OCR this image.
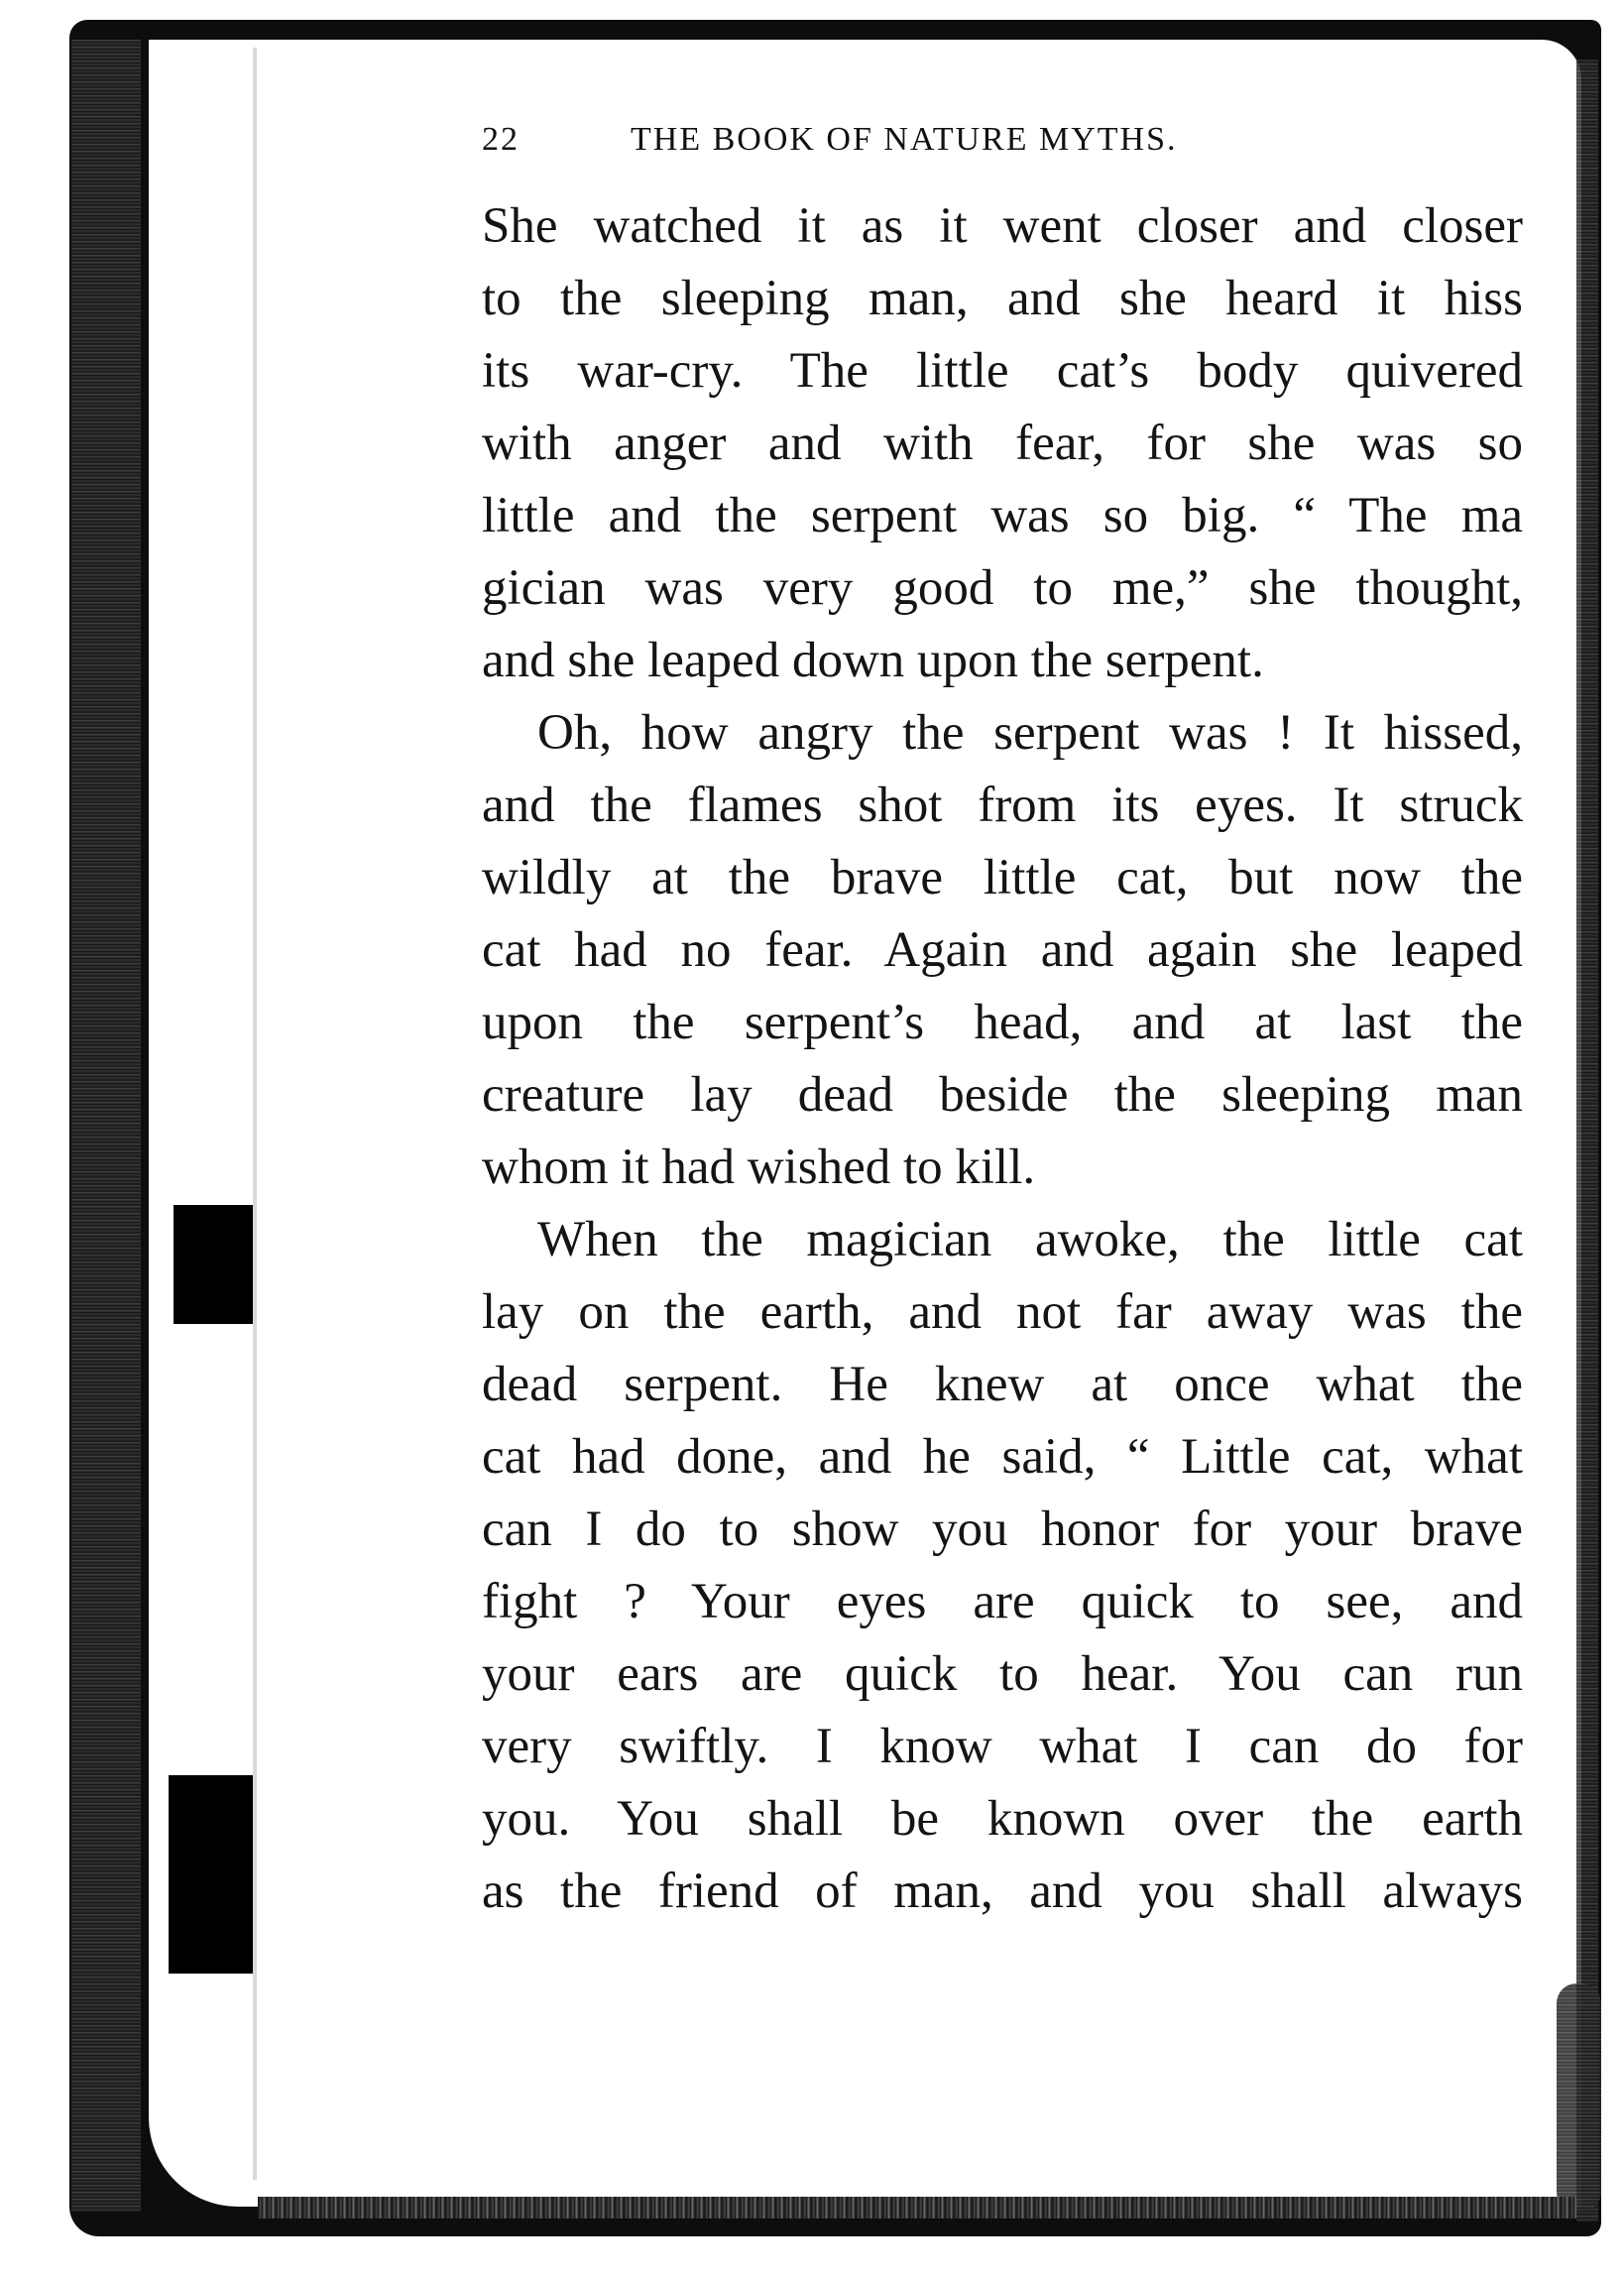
22	THE BOOK OF NATURE MYTHS.
She watched it as it went closer and closer
to the sleeping man, and she heard it hiss
its war-cry. The little cat’s body quivered
with anger and with fear, for she was so
little and the serpent was so big. “ The ma
gician was very good to me,” she thought,
and she leaped down upon the serpent.
Oh, how angry the serpent was ! It hissed,
and the flames shot from its eyes. It struck
wildly at the brave little cat, but now the
cat had no fear. Again and again she leaped
upon the serpent’s head, and at last the
creature lay dead beside the sleeping man
whom it had wished to kill.
When the magician awoke, the little cat
lay on the earth, and not far away was the
dead serpent. He knew at once what the
cat had done, and he said, “ Little cat, what
can I do to show you honor for your brave
fight ? Your eyes are quick to see, and
your ears are quick to hear. You can run
very swiftly. I know what I can do for
you. You shall be known over the earth
as the friend of man, and you shall always
